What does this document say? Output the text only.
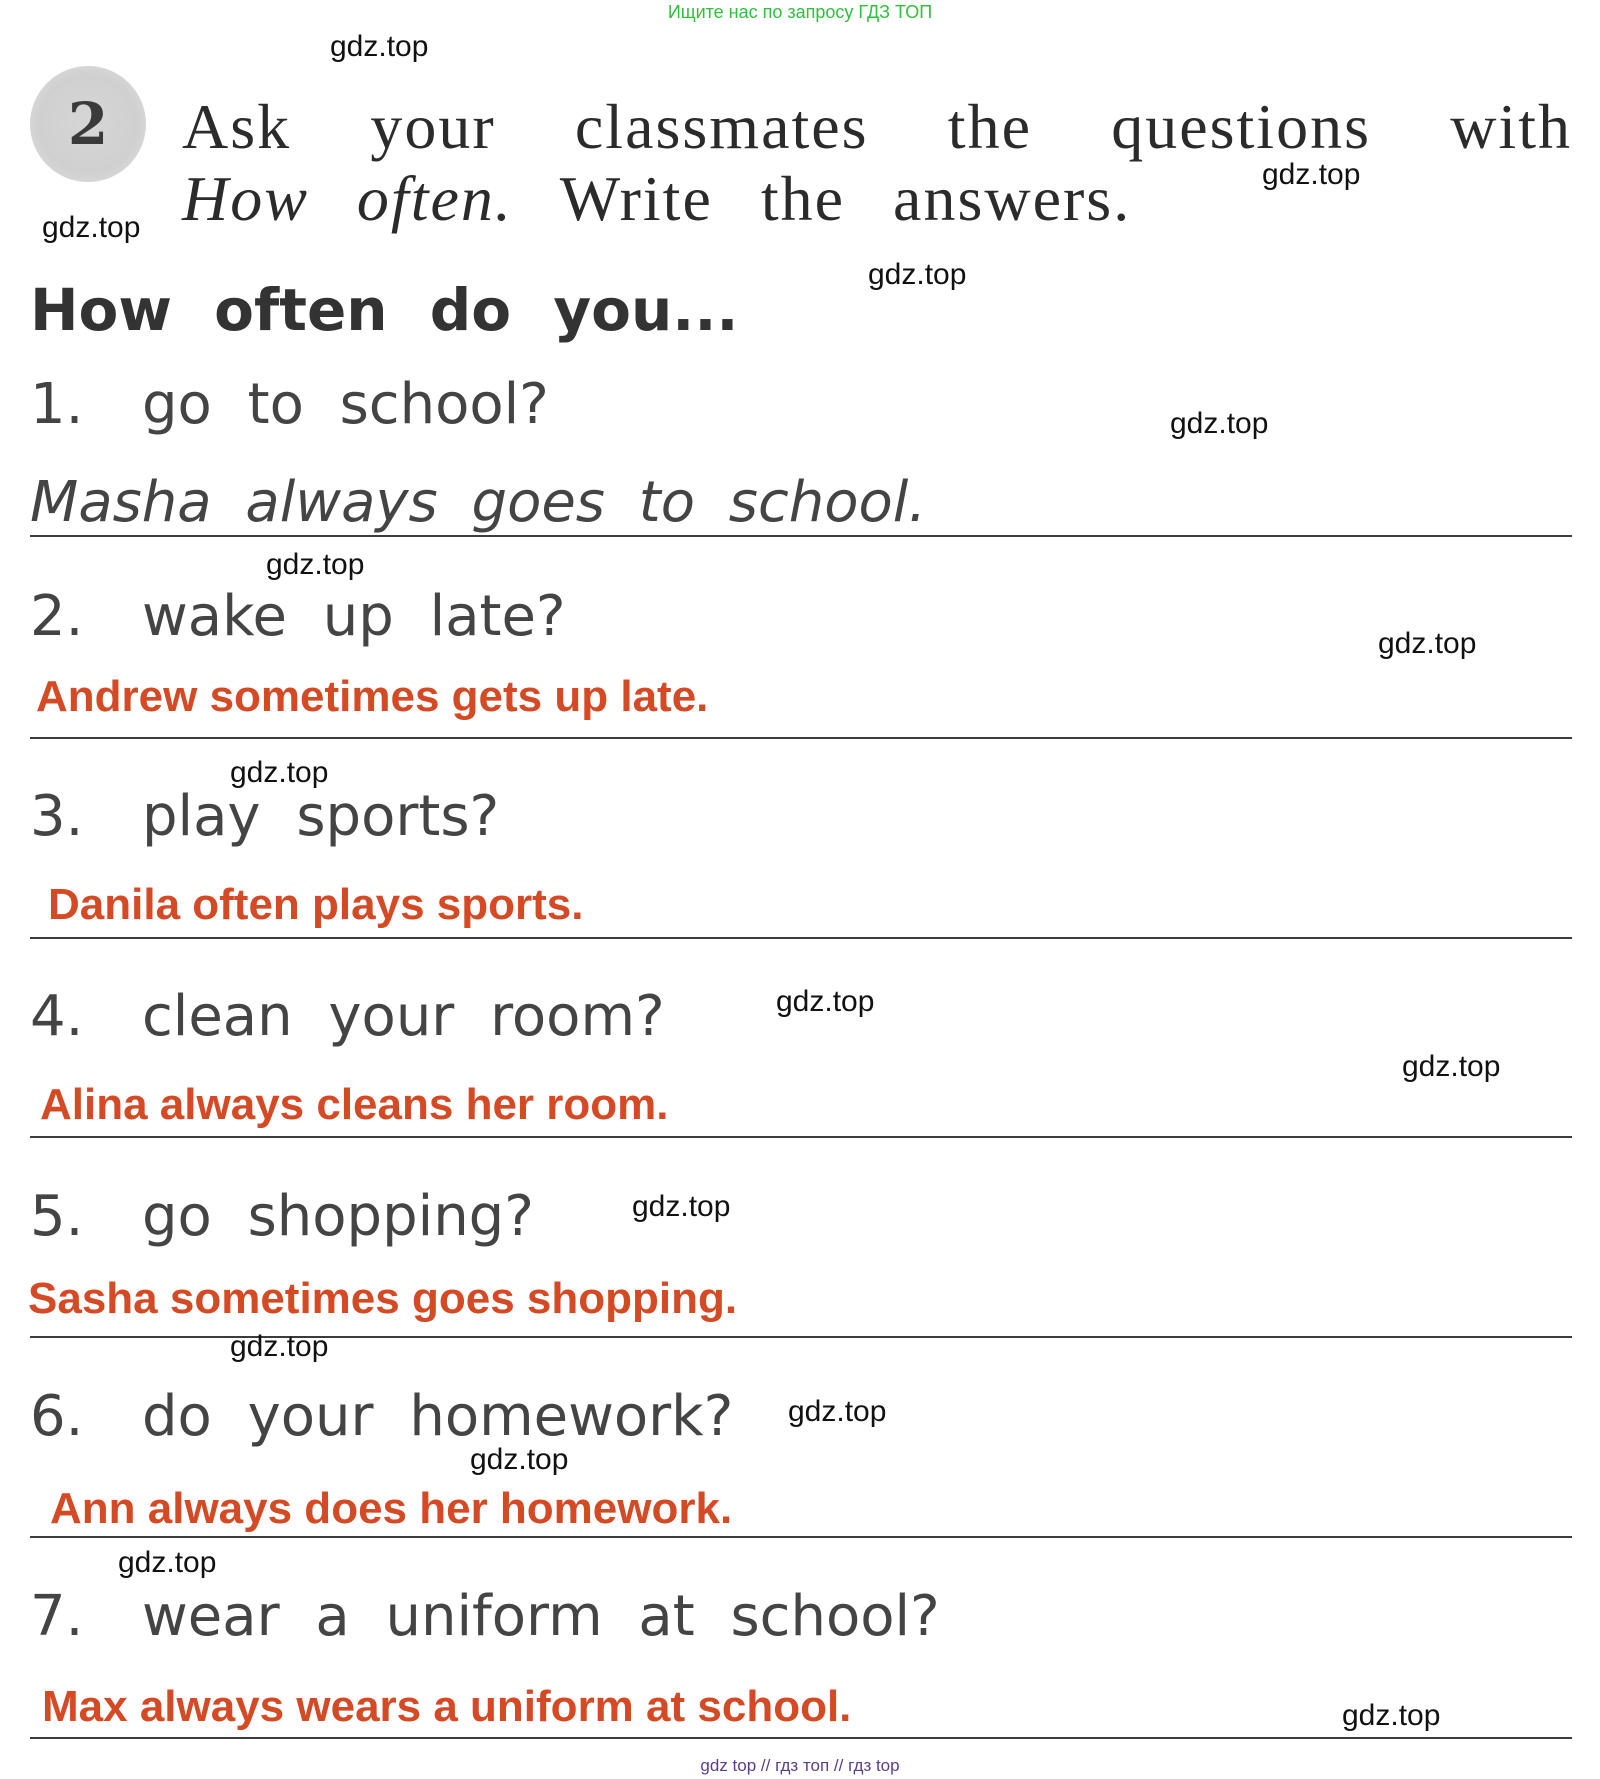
Ищите нас по запросу ГДЗ ТОП
2	Ask your classmates the questions with
How often. Write the answers.
How often do you...
1. go to school?
Masha always goes to school.
2. wake up late?
Andrew sometimes gets up late.
3. play sports?
Danila often plays sports.
4. clean your room?
Alina always cleans her room.
5. go shopping?
Sasha sometimes goes shopping.
6. do your homework?
Ann always does her homework.
7. wear a uniform at school?
Max always wears a uniform at school.
gdz.top
gdz.top
gdz.top
gdz.top
gdz.top
gdz.top
gdz.top
gdz.top
gdz.top
gdz.top
gdz.top
gdz.top
gdz.top
gdz.top
gdz.top
gdz.top
gdz top // гдз топ // гдз top
